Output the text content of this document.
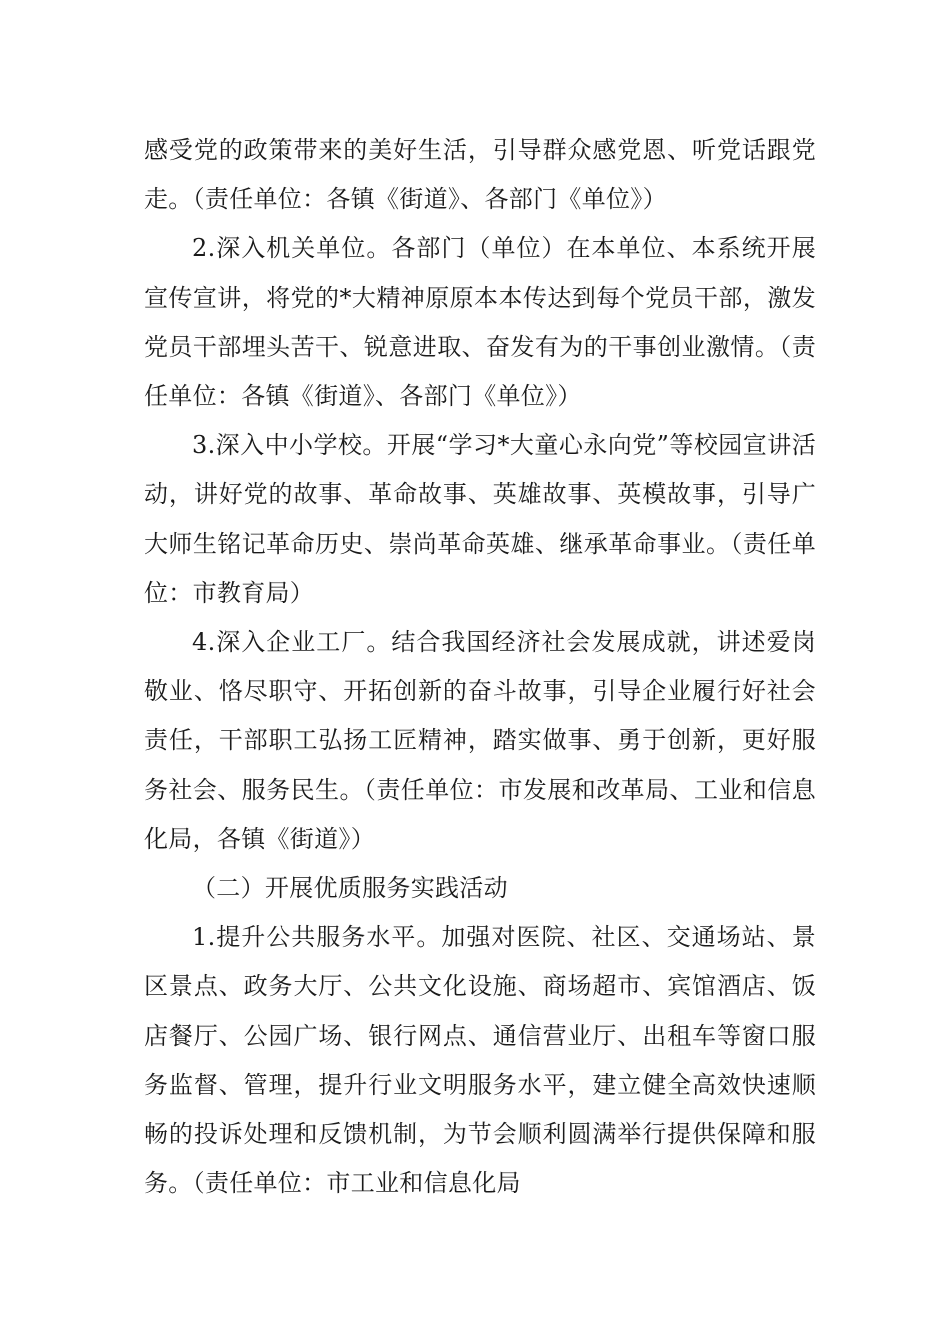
感受党的政策带来的美好生活，引导群众感党恩、听党话跟党走。（责任单位：各镇《街道》、各部门《单位》）

2.深入机关单位。各部门（单位）在本单位、本系统开展宣传宣讲，将党的*大精神原原本本传达到每个党员干部，激发党员干部埋头苦干、锐意进取、奋发有为的干事创业激情。（责任单位：各镇《街道》、各部门《单位》）

3.深入中小学校。开展“学习*大童心永向党”等校园宣讲活动，讲好党的故事、革命故事、英雄故事、英模故事，引导广大师生铭记革命历史、崇尚革命英雄、继承革命事业。（责任单位：市教育局）

4.深入企业工厂。结合我国经济社会发展成就，讲述爱岗敬业、恪尽职守、开拓创新的奋斗故事，引导企业履行好社会责任，干部职工弘扬工匠精神，踏实做事、勇于创新，更好服务社会、服务民生。（责任单位：市发展和改革局、工业和信息化局，各镇《街道》）

（二）开展优质服务实践活动

1.提升公共服务水平。加强对医院、社区、交通场站、景区景点、政务大厅、公共文化设施、商场超市、宾馆酒店、饭店餐厅、公园广场、银行网点、通信营业厅、出租车等窗口服务监督、管理，提升行业文明服务水平，建立健全高效快速顺畅的投诉处理和反馈机制，为节会顺利圆满举行提供保障和服务。（责任单位：市工业和信息化局
